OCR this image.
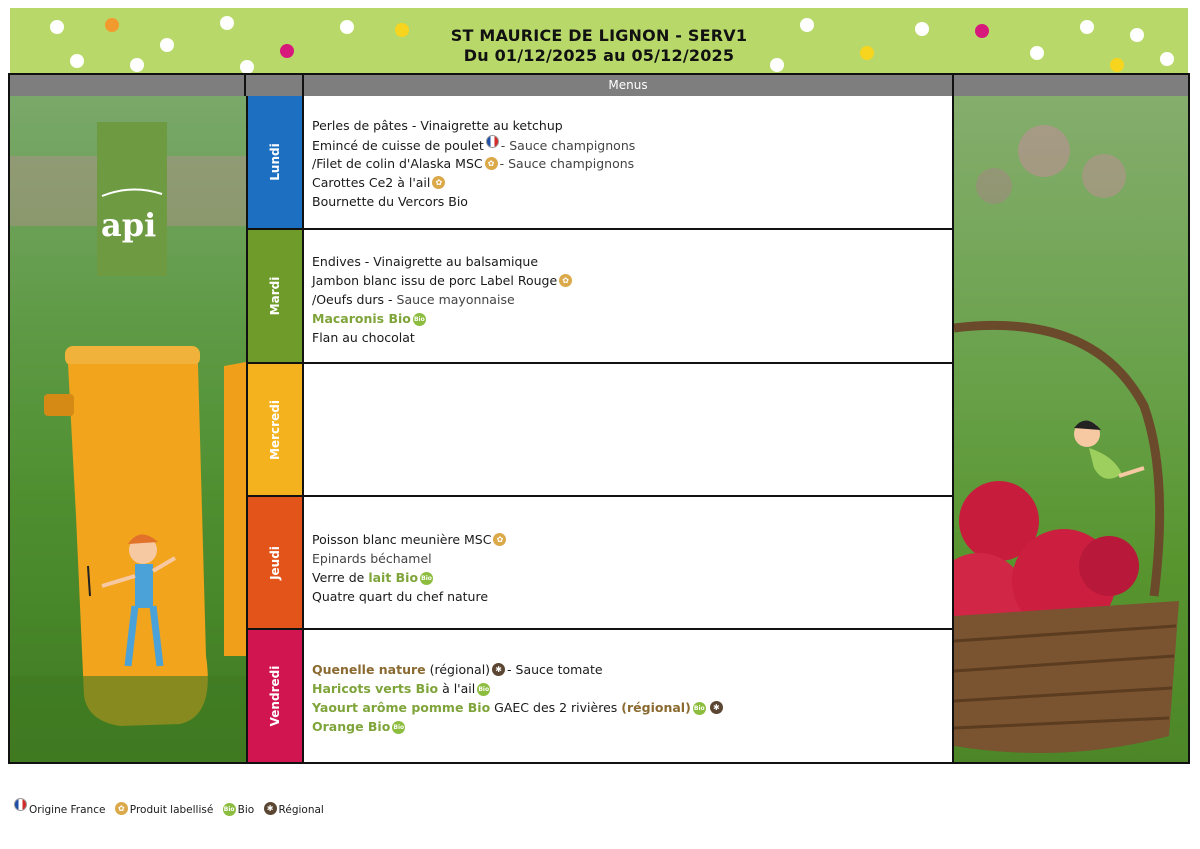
ST MAURICE DE LIGNON - SERV1
Du 01/12/2025 au 05/12/2025
Menus
api
Lundi
Mardi
Mercredi
Jeudi
Vendredi
Perles de pâtes - Vinaigrette au ketchup
Emincé de cuisse de poulet - Sauce champignons
/Filet de colin d'Alaska MSC ✿ - Sauce champignons
Carottes Ce2 à l'ail ✿
Bournette du Vercors Bio
Endives - Vinaigrette au balsamique
Jambon blanc issu de porc Label Rouge ✿
/Oeufs durs - Sauce mayonnaise
Macaronis Bio Bio
Flan au chocolat
Poisson blanc meunière MSC ✿
Epinards béchamel
Verre de lait Bio Bio
Quatre quart du chef nature
Quenelle nature (régional) ✱ - Sauce tomate
Haricots verts Bio à l'ail Bio
Yaourt arôme pomme Bio GAEC des 2 rivières (régional) Bio ✱
Orange Bio Bio
Origine France ✿ Produit labellisé Bio Bio ✱ Régional
